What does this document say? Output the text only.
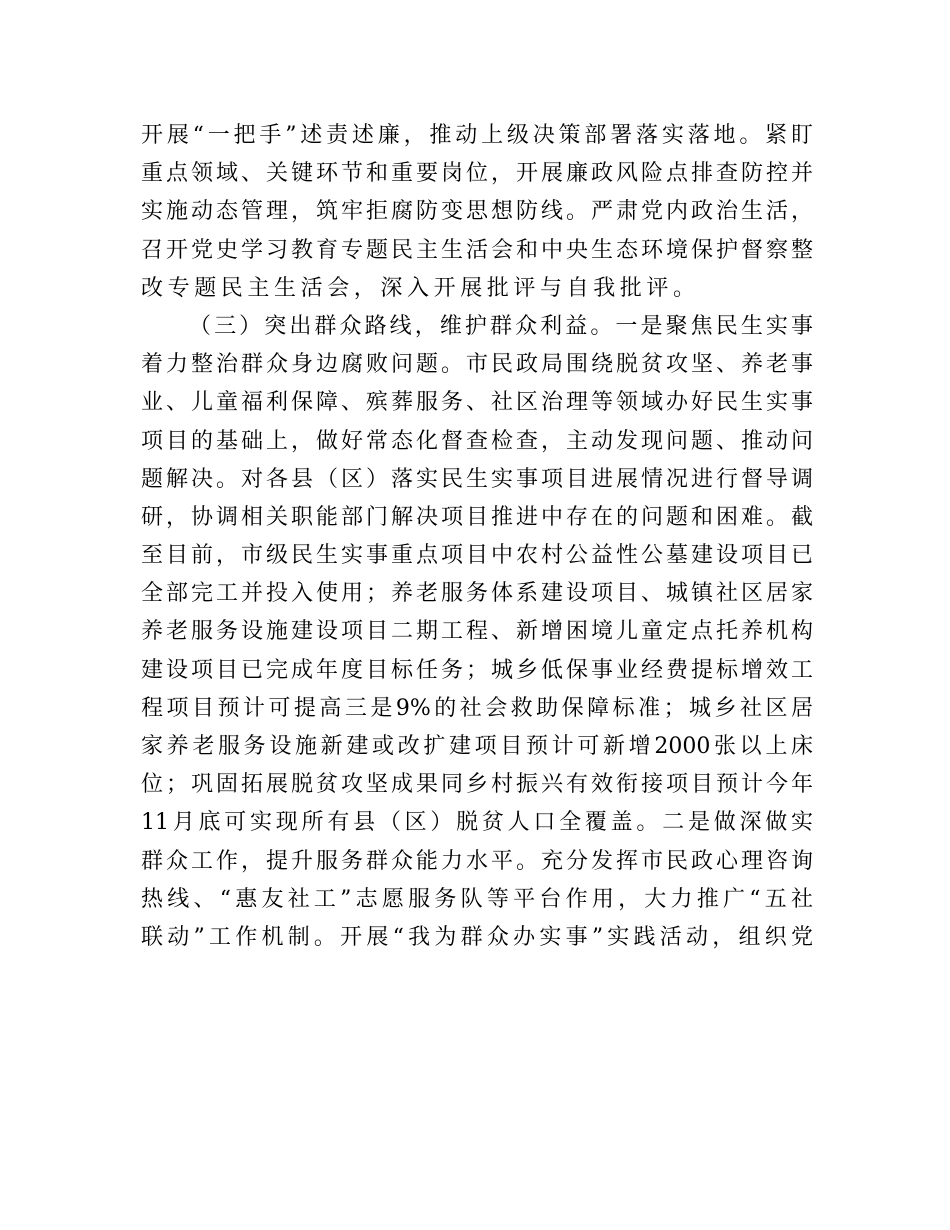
开展“一把手”述责述廉，推动上级决策部署落实落地。紧盯
重点领域、关键环节和重要岗位，开展廉政风险点排查防控并
实施动态管理，筑牢拒腐防变思想防线。严肃党内政治生活，
召开党史学习教育专题民主生活会和中央生态环境保护督察整
改专题民主生活会，深入开展批评与自我批评。
（三）突出群众路线，维护群众利益。一是聚焦民生实事
着力整治群众身边腐败问题。市民政局围绕脱贫攻坚、养老事
业、儿童福利保障、殡葬服务、社区治理等领域办好民生实事
项目的基础上，做好常态化督查检查，主动发现问题、推动问
题解决。对各县（区）落实民生实事项目进展情况进行督导调
研，协调相关职能部门解决项目推进中存在的问题和困难。截
至目前，市级民生实事重点项目中农村公益性公墓建设项目已
全部完工并投入使用；养老服务体系建设项目、城镇社区居家
养老服务设施建设项目二期工程、新增困境儿童定点托养机构
建设项目已完成年度目标任务；城乡低保事业经费提标增效工
程项目预计可提高三是9%的社会救助保障标准；城乡社区居
家养老服务设施新建或改扩建项目预计可新增2000张以上床
位；巩固拓展脱贫攻坚成果同乡村振兴有效衔接项目预计今年
11月底可实现所有县（区）脱贫人口全覆盖。二是做深做实
群众工作，提升服务群众能力水平。充分发挥市民政心理咨询
热线、“惠友社工”志愿服务队等平台作用，大力推广“五社
联动”工作机制。开展“我为群众办实事”实践活动，组织党
